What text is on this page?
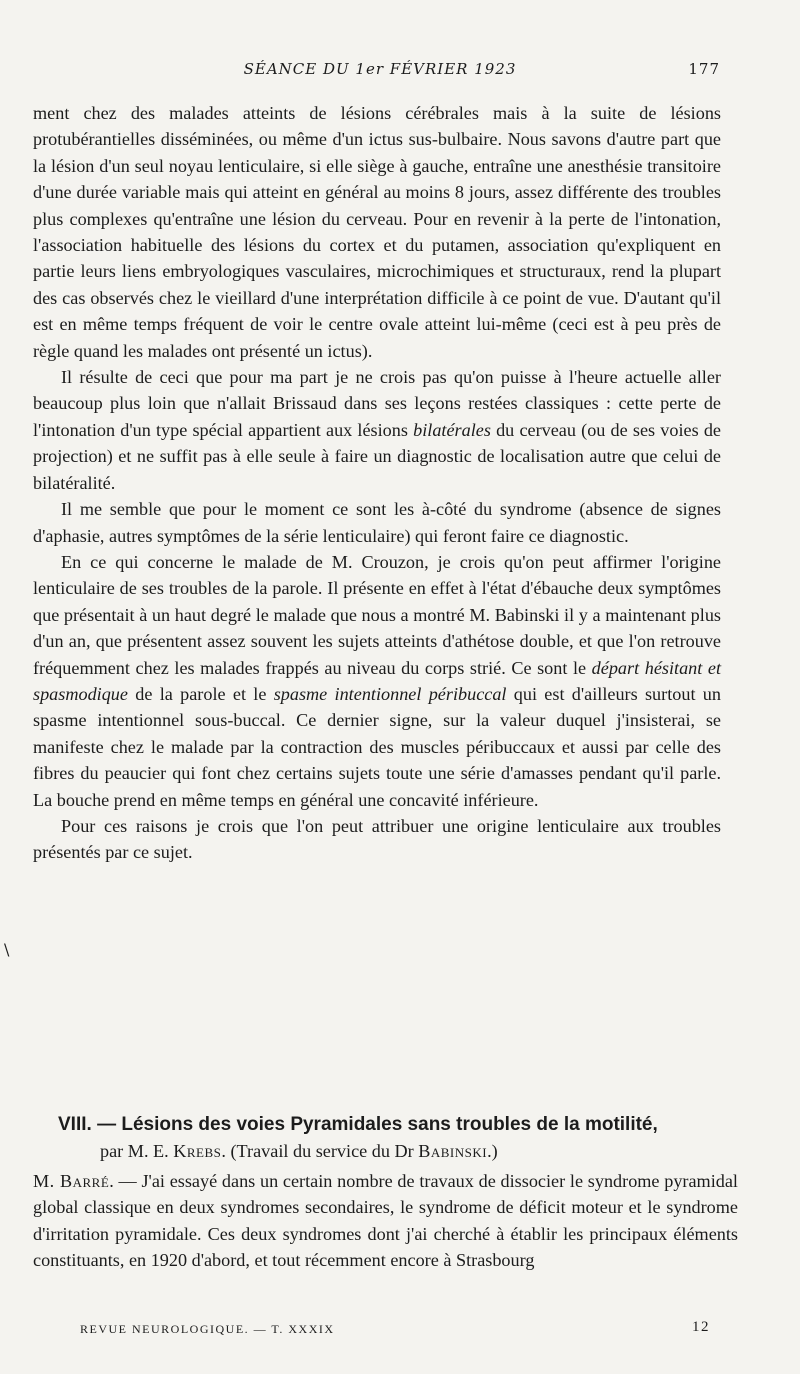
SÉANCE DU 1er FÉVRIER 1923	177
\

ment chez des malades atteints de lésions cérébrales mais à la suite de lésions protubérantielles disséminées, ou même d'un ictus sus-bulbaire. Nous savons d'autre part que la lésion d'un seul noyau lenticulaire, si elle siège à gauche, entraîne une anesthésie transitoire d'une durée variable mais qui atteint en général au moins 8 jours, assez différente des troubles plus complexes qu'entraîne une lésion du cerveau. Pour en revenir à la perte de l'intonation, l'association habituelle des lésions du cortex et du putamen, association qu'expliquent en partie leurs liens embryologiques vasculaires, microchimiques et structuraux, rend la plupart des cas observés chez le vieillard d'une interprétation difficile à ce point de vue. D'autant qu'il est en même temps fréquent de voir le centre ovale atteint lui-même (ceci est à peu près de règle quand les malades ont présenté un ictus).

Il résulte de ceci que pour ma part je ne crois pas qu'on puisse à l'heure actuelle aller beaucoup plus loin que n'allait Brissaud dans ses leçons restées classiques : cette perte de l'intonation d'un type spécial appartient aux lésions bilatérales du cerveau (ou de ses voies de projection) et ne suffit pas à elle seule à faire un diagnostic de localisation autre que celui de bilatéralité.

Il me semble que pour le moment ce sont les à-côté du syndrome (absence de signes d'aphasie, autres symptômes de la série lenticulaire) qui feront faire ce diagnostic.

En ce qui concerne le malade de M. Crouzon, je crois qu'on peut affirmer l'origine lenticulaire de ses troubles de la parole. Il présente en effet à l'état d'ébauche deux symptômes que présentait à un haut degré le malade que nous a montré M. Babinski il y a maintenant plus d'un an, que présentent assez souvent les sujets atteints d'athétose double, et que l'on retrouve fréquemment chez les malades frappés au niveau du corps strié. Ce sont le départ hésitant et spasmodique de la parole et le spasme intentionnel péribuccal qui est d'ailleurs surtout un spasme intentionnel sous-buccal. Ce dernier signe, sur la valeur duquel j'insisterai, se manifeste chez le malade par la contraction des muscles péribuccaux et aussi par celle des fibres du peaucier qui font chez certains sujets toute une série d'amasses pendant qu'il parle. La bouche prend en même temps en général une concavité inférieure.

Pour ces raisons je crois que l'on peut attribuer une origine lenticulaire aux troubles présentés par ce sujet.

VIII. — Lésions des voies Pyramidales sans troubles de la motilité,
par M. E. Krebs. (Travail du service du Dr Babinski.)
M. Barré. — J'ai essayé dans un certain nombre de travaux de dissocier le syndrome pyramidal global classique en deux syndromes secondaires, le syndrome de déficit moteur et le syndrome d'irritation pyramidale. Ces deux syndromes dont j'ai cherché à établir les principaux éléments constituants, en 1920 d'abord, et tout récemment encore à Strasbourg
REVUE NEUROLOGIQUE. — T. XXXIX	12
